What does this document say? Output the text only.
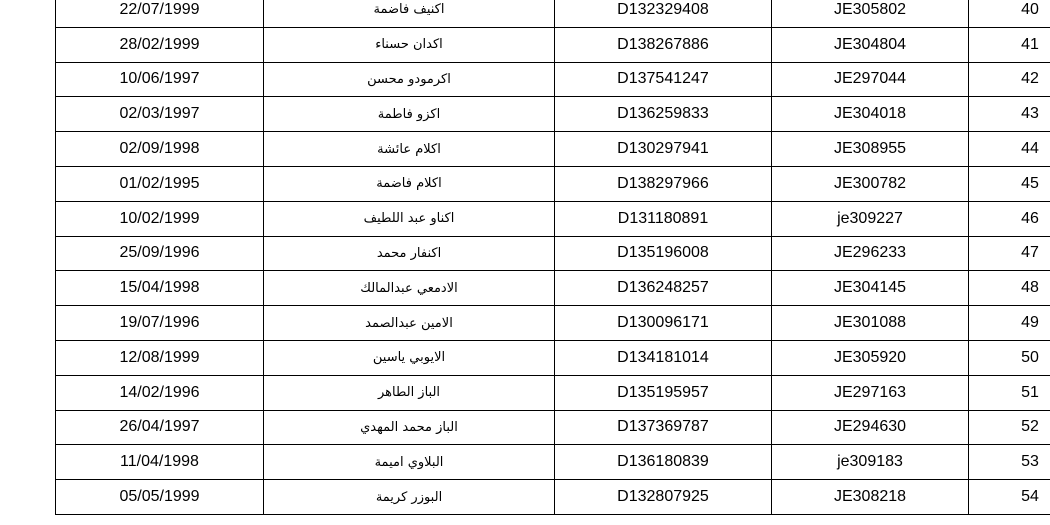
22/07/1999	اكنيف فاضمة	D132329408	JE305802	40
28/02/1999	اكدان حسناء	D138267886	JE304804	41
10/06/1997	اكرمودو محسن	D137541247	JE297044	42
02/03/1997	اكزو فاطمة	D136259833	JE304018	43
02/09/1998	اكلام عائشة	D130297941	JE308955	44
01/02/1995	اكلام فاضمة	D138297966	JE300782	45
10/02/1999	اكناو عبد اللطيف	D131180891	je309227	46
25/09/1996	اكنفار محمد	D135196008	JE296233	47
15/04/1998	الادمعي عبدالمالك	D136248257	JE304145	48
19/07/1996	الامين عبدالصمد	D130096171	JE301088	49
12/08/1999	الايوبي ياسين	D134181014	JE305920	50
14/02/1996	الباز الطاهر	D135195957	JE297163	51
26/04/1997	الباز محمد المهدي	D137369787	JE294630	52
11/04/1998	البلاوي اميمة	D136180839	je309183	53
05/05/1999	البوزر كريمة	D132807925	JE308218	54
